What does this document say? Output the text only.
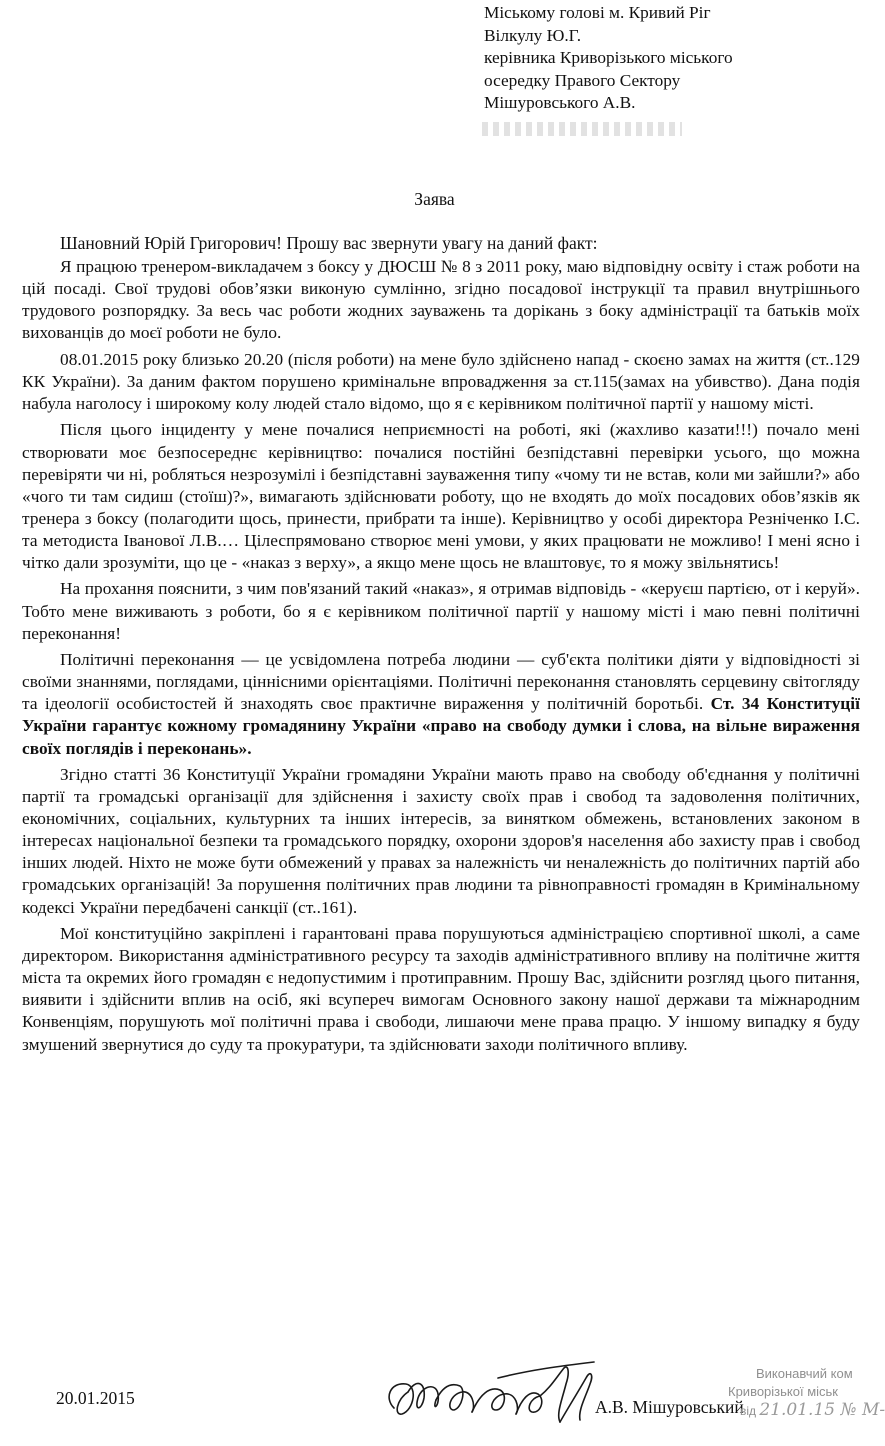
Міському голові м. Кривий Ріг
Вілкулу Ю.Г.
керівника Криворізького міського
осередку Правого Сектору
Мішуровського А.В.
Заява
Шановний Юрій Григорович! Прошу вас звернути увагу на даний факт:

Я працюю тренером-викладачем з боксу у ДЮСШ № 8 з 2011 року, маю відповідну освіту і стаж роботи на цій посаді. Свої трудові обов’язки виконую сумлінно, згідно посадової інструкції та правил внутрішнього трудового розпорядку. За весь час роботи жодних зауважень та дорікань з боку адміністрації та батьків моїх вихованців до моєї роботи не було.

08.01.2015 року близько 20.20 (після роботи) на мене було здійснено напад - скоєно замах на життя (ст..129 КК України). За даним фактом порушено кримінальне впровадження за ст.115(замах на убивство). Дана подія набула наголосу і широкому колу людей стало відомо, що я є керівником політичної партії у нашому місті.

Після цього інциденту у мене почалися неприємності на роботі, які (жахливо казати!!!) почало мені створювати моє безпосереднє керівництво: почалися постійні безпідставні перевірки усього, що можна перевіряти чи ні, робляться незрозумілі і безпідставні зауваження типу «чому ти не встав, коли ми зайшли?» або «чого ти там сидиш (стоїш)?», вимагають здійснювати роботу, що не входять до моїх посадових обов’язків як тренера з боксу (полагодити щось, принести, прибрати та інше). Керівництво у особі директора Резніченко І.С. та методиста Іванової Л.В.… Цілеспрямовано створює мені умови, у яких працювати не можливо! І мені ясно і чітко дали зрозуміти, що це - «наказ з верху», а якщо мене щось не влаштовує, то я можу звільнятись!

На прохання пояснити, з чим пов'язаний такий «наказ», я отримав відповідь - «керуєш партією, от і керуй». Тобто мене виживають з роботи, бо я є керівником політичної партії у нашому місті і маю певні політичні переконання!

Політичні переконання — це усвідомлена потреба людини — суб'єкта політики діяти у відповідності зі своїми знаннями, поглядами, ціннісними орієнтаціями. Політичні переконання становлять серцевину світогляду та ідеології особистостей й знаходять своє практичне вираження у політичній боротьбі. Ст. 34 Конституції України гарантує кожному громадянину України «право на свободу думки і слова, на вільне вираження своїх поглядів і переконань».

Згідно статті 36 Конституції України громадяни України мають право на свободу об'єднання у політичні партії та громадські організації для здійснення і захисту своїх прав і свобод та задоволення політичних, економічних, соціальних, культурних та інших інтересів, за винятком обмежень, встановлених законом в інтересах національної безпеки та громадського порядку, охорони здоров'я населення або захисту прав і свобод інших людей. Ніхто не може бути обмежений у правах за належність чи неналежність до політичних партій або громадських організацій! За порушення політичних прав людини та рівноправності громадян в Кримінальному кодексі України передбачені санкції (ст..161).

Мої конституційно закріплені і гарантовані права порушуються адміністрацією спортивної школі, а саме директором. Використання адміністративного ресурсу та заходів адміністративного впливу на політичне життя міста та окремих його громадян є недопустимим і протиправним. Прошу Вас, здійснити розгляд цього питання, виявити і здійснити вплив на осіб, які всупереч вимогам Основного закону нашої держави та міжнародним Конвенціям, порушують мої політичні права і свободи, лишаючи мене права працю. У іншому випадку я буду змушений звернутися до суду та прокуратури, та здійснювати заходи політичного впливу.

20.01.2015	А.В. Мішуровський
Виконавчий ком
Криворізької міськ
від 21.01.15 № М-
